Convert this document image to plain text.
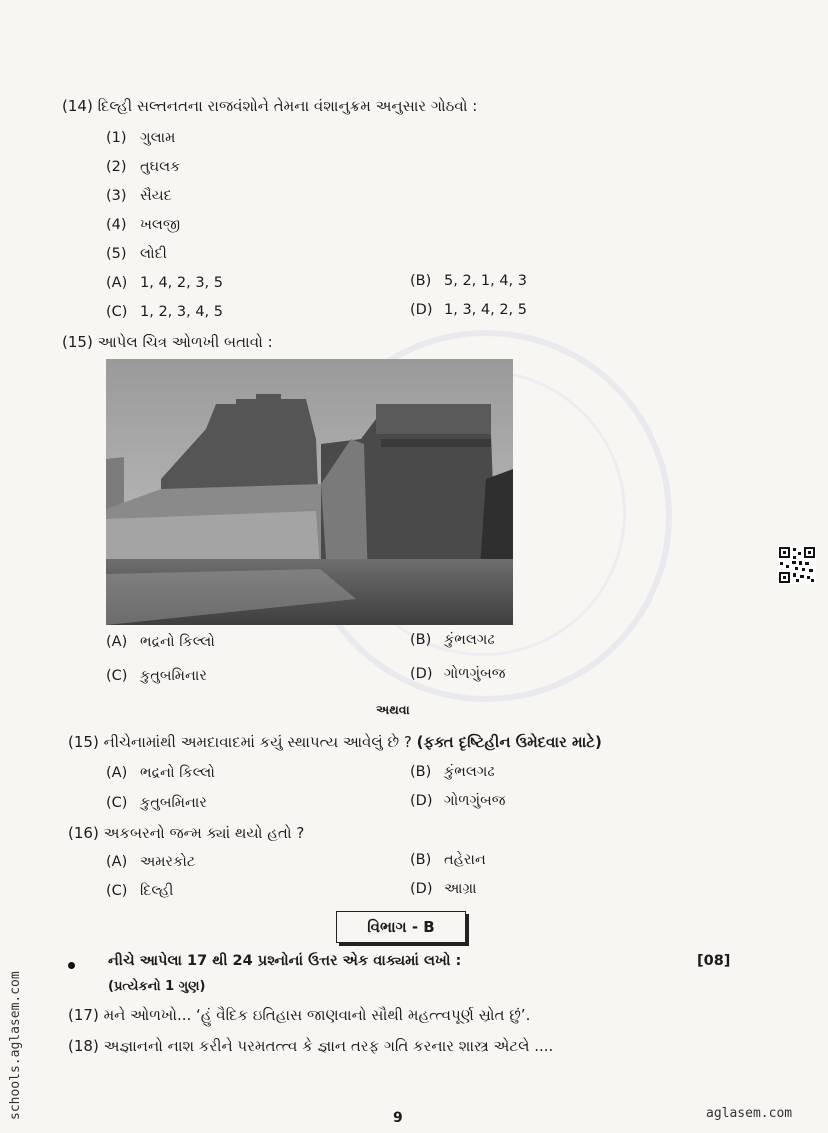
(14) દિલ્હી સલ્તનતના રાજવંશોને તેમના વંશાનુક્રમ અનુસાર ગોઠવો :
(1) ગુલામ
(2) તુઘલક
(3) સૈયદ
(4) ખલજી
(5) લોદી
(A) 1, 4, 2, 3, 5	(B) 5, 2, 1, 4, 3
(C) 1, 2, 3, 4, 5	(D) 1, 3, 4, 2, 5
(15) આપેલ ચિત્ર ઓળખી બતાવો :
(A) ભદ્રનો કિલ્લો	(B) કુંભલગઢ
(C) કુતુબમિનાર	(D) ગોળગુંબજ
અથવા
(15) નીચેનામાંથી અમદાવાદમાં કયું સ્થાપત્ય આવેલું છે ? (ફક્ત દૃષ્ટિહીન ઉમેદવાર માટે)
(A) ભદ્રનો કિલ્લો	(B) કુંભલગઢ
(C) કુતુબમિનાર	(D) ગોળગુંબજ
(16) અકબરનો જન્મ ક્યાં થયો હતો ?
(A) અમરકોટ	(B) તહેરાન
(C) દિલ્હી	(D) આગ્રા
વિભાગ - B
નીચે આપેલા 17 થી 24 પ્રશ્નોનાં ઉત્તર એક વાક્યમાં લખો :	[08]
(પ્રત્યેકનો 1 ગુણ)
(17) મને ઓળખો... ‘હું વૈદિક ઇતિહાસ જાણવાનો સૌથી મહત્ત્વપૂર્ણ સ્રોત છું’.
(18) અજ્ઞાનનો નાશ કરીને પરમતત્ત્વ કે જ્ઞાન તરફ ગતિ કરનાર શાસ્ત્ર એટલે ....
9
schools.aglasem.com	aglasem.com
